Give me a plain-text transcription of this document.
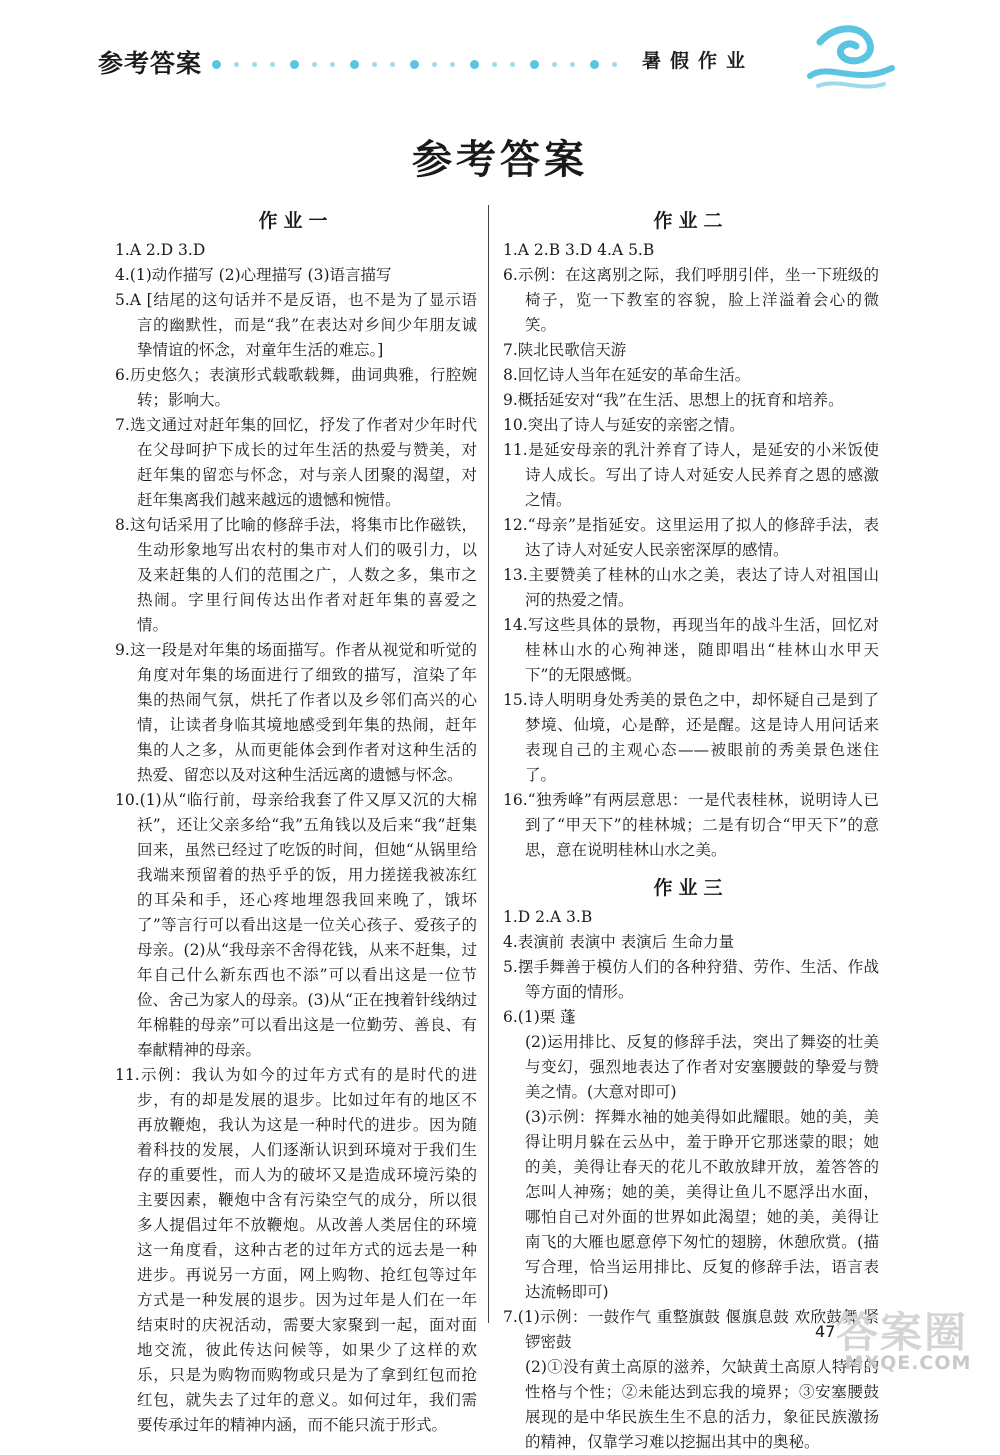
参考答案	暑假作业
参考答案
作业一
1.A 2.D 3.D
4.(1)动作描写 (2)心理描写 (3)语言描写
5.A [结尾的这句话并不是反语，也不是为了显示语言的幽默性，而是“我”在表达对乡间少年朋友诚挚情谊的怀念，对童年生活的难忘。]
6.历史悠久；表演形式载歌载舞，曲词典雅，行腔婉转；影响大。
7.选文通过对赶年集的回忆，抒发了作者对少年时代在父母呵护下成长的过年生活的热爱与赞美，对赶年集的留恋与怀念，对与亲人团聚的渴望，对赶年集离我们越来越远的遗憾和惋惜。
8.这句话采用了比喻的修辞手法，将集市比作磁铁，生动形象地写出农村的集市对人们的吸引力，以及来赶集的人们的范围之广，人数之多，集市之热闹。字里行间传达出作者对赶年集的喜爱之情。
9.这一段是对年集的场面描写。作者从视觉和听觉的角度对年集的场面进行了细致的描写，渲染了年集的热闹气氛，烘托了作者以及乡邻们高兴的心情，让读者身临其境地感受到年集的热闹，赶年集的人之多，从而更能体会到作者对这种生活的热爱、留恋以及对这种生活远离的遗憾与怀念。
10.(1)从“临行前，母亲给我套了件又厚又沉的大棉袄”，还让父亲多给“我”五角钱以及后来“我”赶集回来，虽然已经过了吃饭的时间，但她“从锅里给我端来预留着的热乎乎的饭，用力搓搓我被冻红的耳朵和手，还心疼地埋怨我回来晚了，饿坏了”等言行可以看出这是一位关心孩子、爱孩子的母亲。(2)从“我母亲不舍得花钱，从来不赶集，过年自己什么新东西也不添”可以看出这是一位节俭、舍己为家人的母亲。(3)从“正在拽着针线纳过年棉鞋的母亲”可以看出这是一位勤劳、善良、有奉献精神的母亲。
11.示例：我认为如今的过年方式有的是时代的进步，有的却是发展的退步。比如过年有的地区不再放鞭炮，我认为这是一种时代的进步。因为随着科技的发展，人们逐渐认识到环境对于我们生存的重要性，而人为的破坏又是造成环境污染的主要因素，鞭炮中含有污染空气的成分，所以很多人提倡过年不放鞭炮。从改善人类居住的环境这一角度看，这种古老的过年方式的远去是一种进步。再说另一方面，网上购物、抢红包等过年方式是一种发展的退步。因为过年是人们在一年结束时的庆祝活动，需要大家聚到一起，面对面地交流，彼此传达问候等，如果少了这样的欢乐，只是为购物而购物或只是为了拿到红包而抢红包，就失去了过年的意义。如何过年，我们需要传承过年的精神内涵，而不能只流于形式。
作业二
1.A 2.B 3.D 4.A 5.B
6.示例：在这离别之际，我们呼朋引伴，坐一下班级的椅子，览一下教室的容貌，脸上洋溢着会心的微笑。
7.陕北民歌信天游
8.回忆诗人当年在延安的革命生活。
9.概括延安对“我”在生活、思想上的抚育和培养。
10.突出了诗人与延安的亲密之情。
11.是延安母亲的乳汁养育了诗人，是延安的小米饭使诗人成长。写出了诗人对延安人民养育之恩的感激之情。
12.“母亲”是指延安。这里运用了拟人的修辞手法，表达了诗人对延安人民亲密深厚的感情。
13.主要赞美了桂林的山水之美，表达了诗人对祖国山河的热爱之情。
14.写这些具体的景物，再现当年的战斗生活，回忆对桂林山水的心殉神迷，随即唱出“桂林山水甲天下”的无限感慨。
15.诗人明明身处秀美的景色之中，却怀疑自己是到了梦境、仙境，心是醉，还是醒。这是诗人用问话来表现自己的主观心态——被眼前的秀美景色迷住了。
16.“独秀峰”有两层意思：一是代表桂林，说明诗人已到了“甲天下”的桂林城；二是有切合“甲天下”的意思，意在说明桂林山水之美。
作业三
1.D 2.A 3.B
4.表演前 表演中 表演后 生命力量
5.摆手舞善于模仿人们的各种狩猎、劳作、生活、作战等方面的情形。
6.(1)栗 蓬
(2)运用排比、反复的修辞手法，突出了舞姿的壮美与变幻，强烈地表达了作者对安塞腰鼓的挚爱与赞美之情。(大意对即可)
(3)示例：挥舞水袖的她美得如此耀眼。她的美，美得让明月躲在云丛中，羞于睁开它那迷蒙的眼；她的美，美得让春天的花儿不敢放肆开放，羞答答的怎叫人神殇；她的美，美得让鱼儿不愿浮出水面，哪怕自己对外面的世界如此渴望；她的美，美得让南飞的大雁也愿意停下匆忙的翅膀，休憩欣赏。(描写合理，恰当运用排比、反复的修辞手法，语言表达流畅即可)
7.(1)示例：一鼓作气 重整旗鼓 偃旗息鼓 欢欣鼓舞 紧锣密鼓
(2)①没有黄土高原的滋养，欠缺黄土高原人特有的性格与个性；②未能达到忘我的境界；③安塞腰鼓展现的是中华民族生生不息的活力，象征民族激扬的精神，仅靠学习难以挖掘出其中的奥秘。
47 答案圈
MXQE.COM
